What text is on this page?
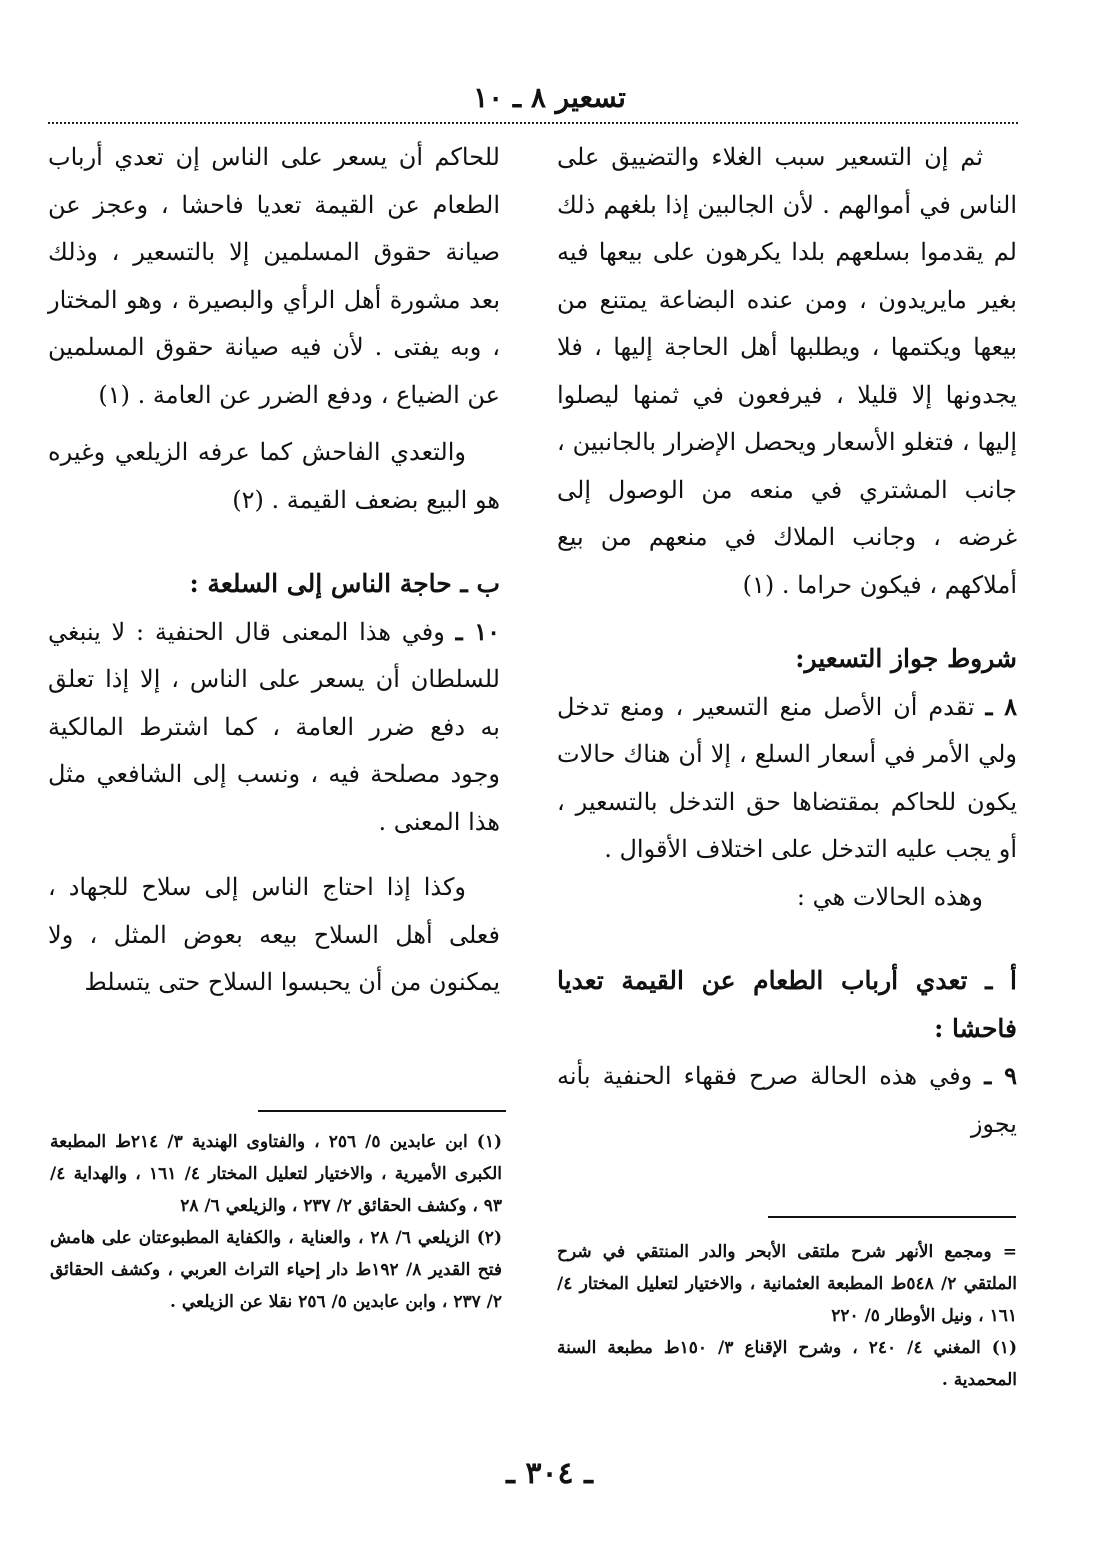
تسعير ٨ ـ ١٠

ثم إن التسعير سبب الغلاء والتضييق على الناس في أموالهم . لأن الجالبين إذا بلغهم ذلك لم يقدموا بسلعهم بلدا يكرهون على بيعها فيه بغير مايريدون ، ومن عنده البضاعة يمتنع من بيعها ويكتمها ، ويطلبها أهل الحاجة إليها ، فلا يجدونها إلا قليلا ، فيرفعون في ثمنها ليصلوا إليها ، فتغلو الأسعار ويحصل الإضرار بالجانبين ، جانب المشتري في منعه من الوصول إلى غرضه ، وجانب الملاك في منعهم من بيع أملاكهم ، فيكون حراما . (١)

شروط جواز التسعير:

٨ ـ تقدم أن الأصل منع التسعير ، ومنع تدخل ولي الأمر في أسعار السلع ، إلا أن هناك حالات يكون للحاكم بمقتضاها حق التدخل بالتسعير ، أو يجب عليه التدخل على اختلاف الأقوال .

وهذه الحالات هي :

أ ـ تعدي أرباب الطعام عن القيمة تعديا فاحشا :

٩ ـ وفي هذه الحالة صرح فقهاء الحنفية بأنه يجوز

للحاكم أن يسعر على الناس إن تعدي أرباب الطعام عن القيمة تعديا فاحشا ، وعجز عن صيانة حقوق المسلمين إلا بالتسعير ، وذلك بعد مشورة أهل الرأي والبصيرة ، وهو المختار ، وبه يفتى . لأن فيه صيانة حقوق المسلمين عن الضياع ، ودفع الضرر عن العامة . (١)

والتعدي الفاحش كما عرفه الزيلعي وغيره هو البيع بضعف القيمة . (٢)

ب ـ حاجة الناس إلى السلعة :

١٠ ـ وفي هذا المعنى قال الحنفية : لا ينبغي للسلطان أن يسعر على الناس ، إلا إذا تعلق به دفع ضرر العامة ، كما اشترط المالكية وجود مصلحة فيه ، ونسب إلى الشافعي مثل هذا المعنى .

وكذا إذا احتاج الناس إلى سلاح للجهاد ، فعلى أهل السلاح بيعه بعوض المثل ، ولا يمكنون من أن يحبسوا السلاح حتى يتسلط

(١) ابن عابدين ٥/ ٢٥٦ ، والفتاوى الهندية ٣/ ٢١٤ط المطبعة الكبرى الأميرية ، والاختيار لتعليل المختار ٤/ ١٦١ ، والهداية ٤/ ٩٣ ، وكشف الحقائق ٢/ ٢٣٧ ، والزيلعي ٦/ ٢٨

(٢) الزيلعي ٦/ ٢٨ ، والعناية ، والكفاية المطبوعتان على هامش فتح القدير ٨/ ١٩٢ط دار إحياء التراث العربي ، وكشف الحقائق ٢/ ٢٣٧ ، وابن عابدين ٥/ ٢٥٦ نقلا عن الزيلعي .

= ومجمع الأنهر شرح ملتقى الأبحر والدر المنتقي في شرح الملتقي ٢/ ٥٤٨ط المطبعة العثمانية ، والاختيار لتعليل المختار ٤/ ١٦١ ، ونيل الأوطار ٥/ ٢٢٠

(١) المغني ٤/ ٢٤٠ ، وشرح الإقناع ٣/ ١٥٠ط مطبعة السنة المحمدية .

ـ ٣٠٤ ـ
